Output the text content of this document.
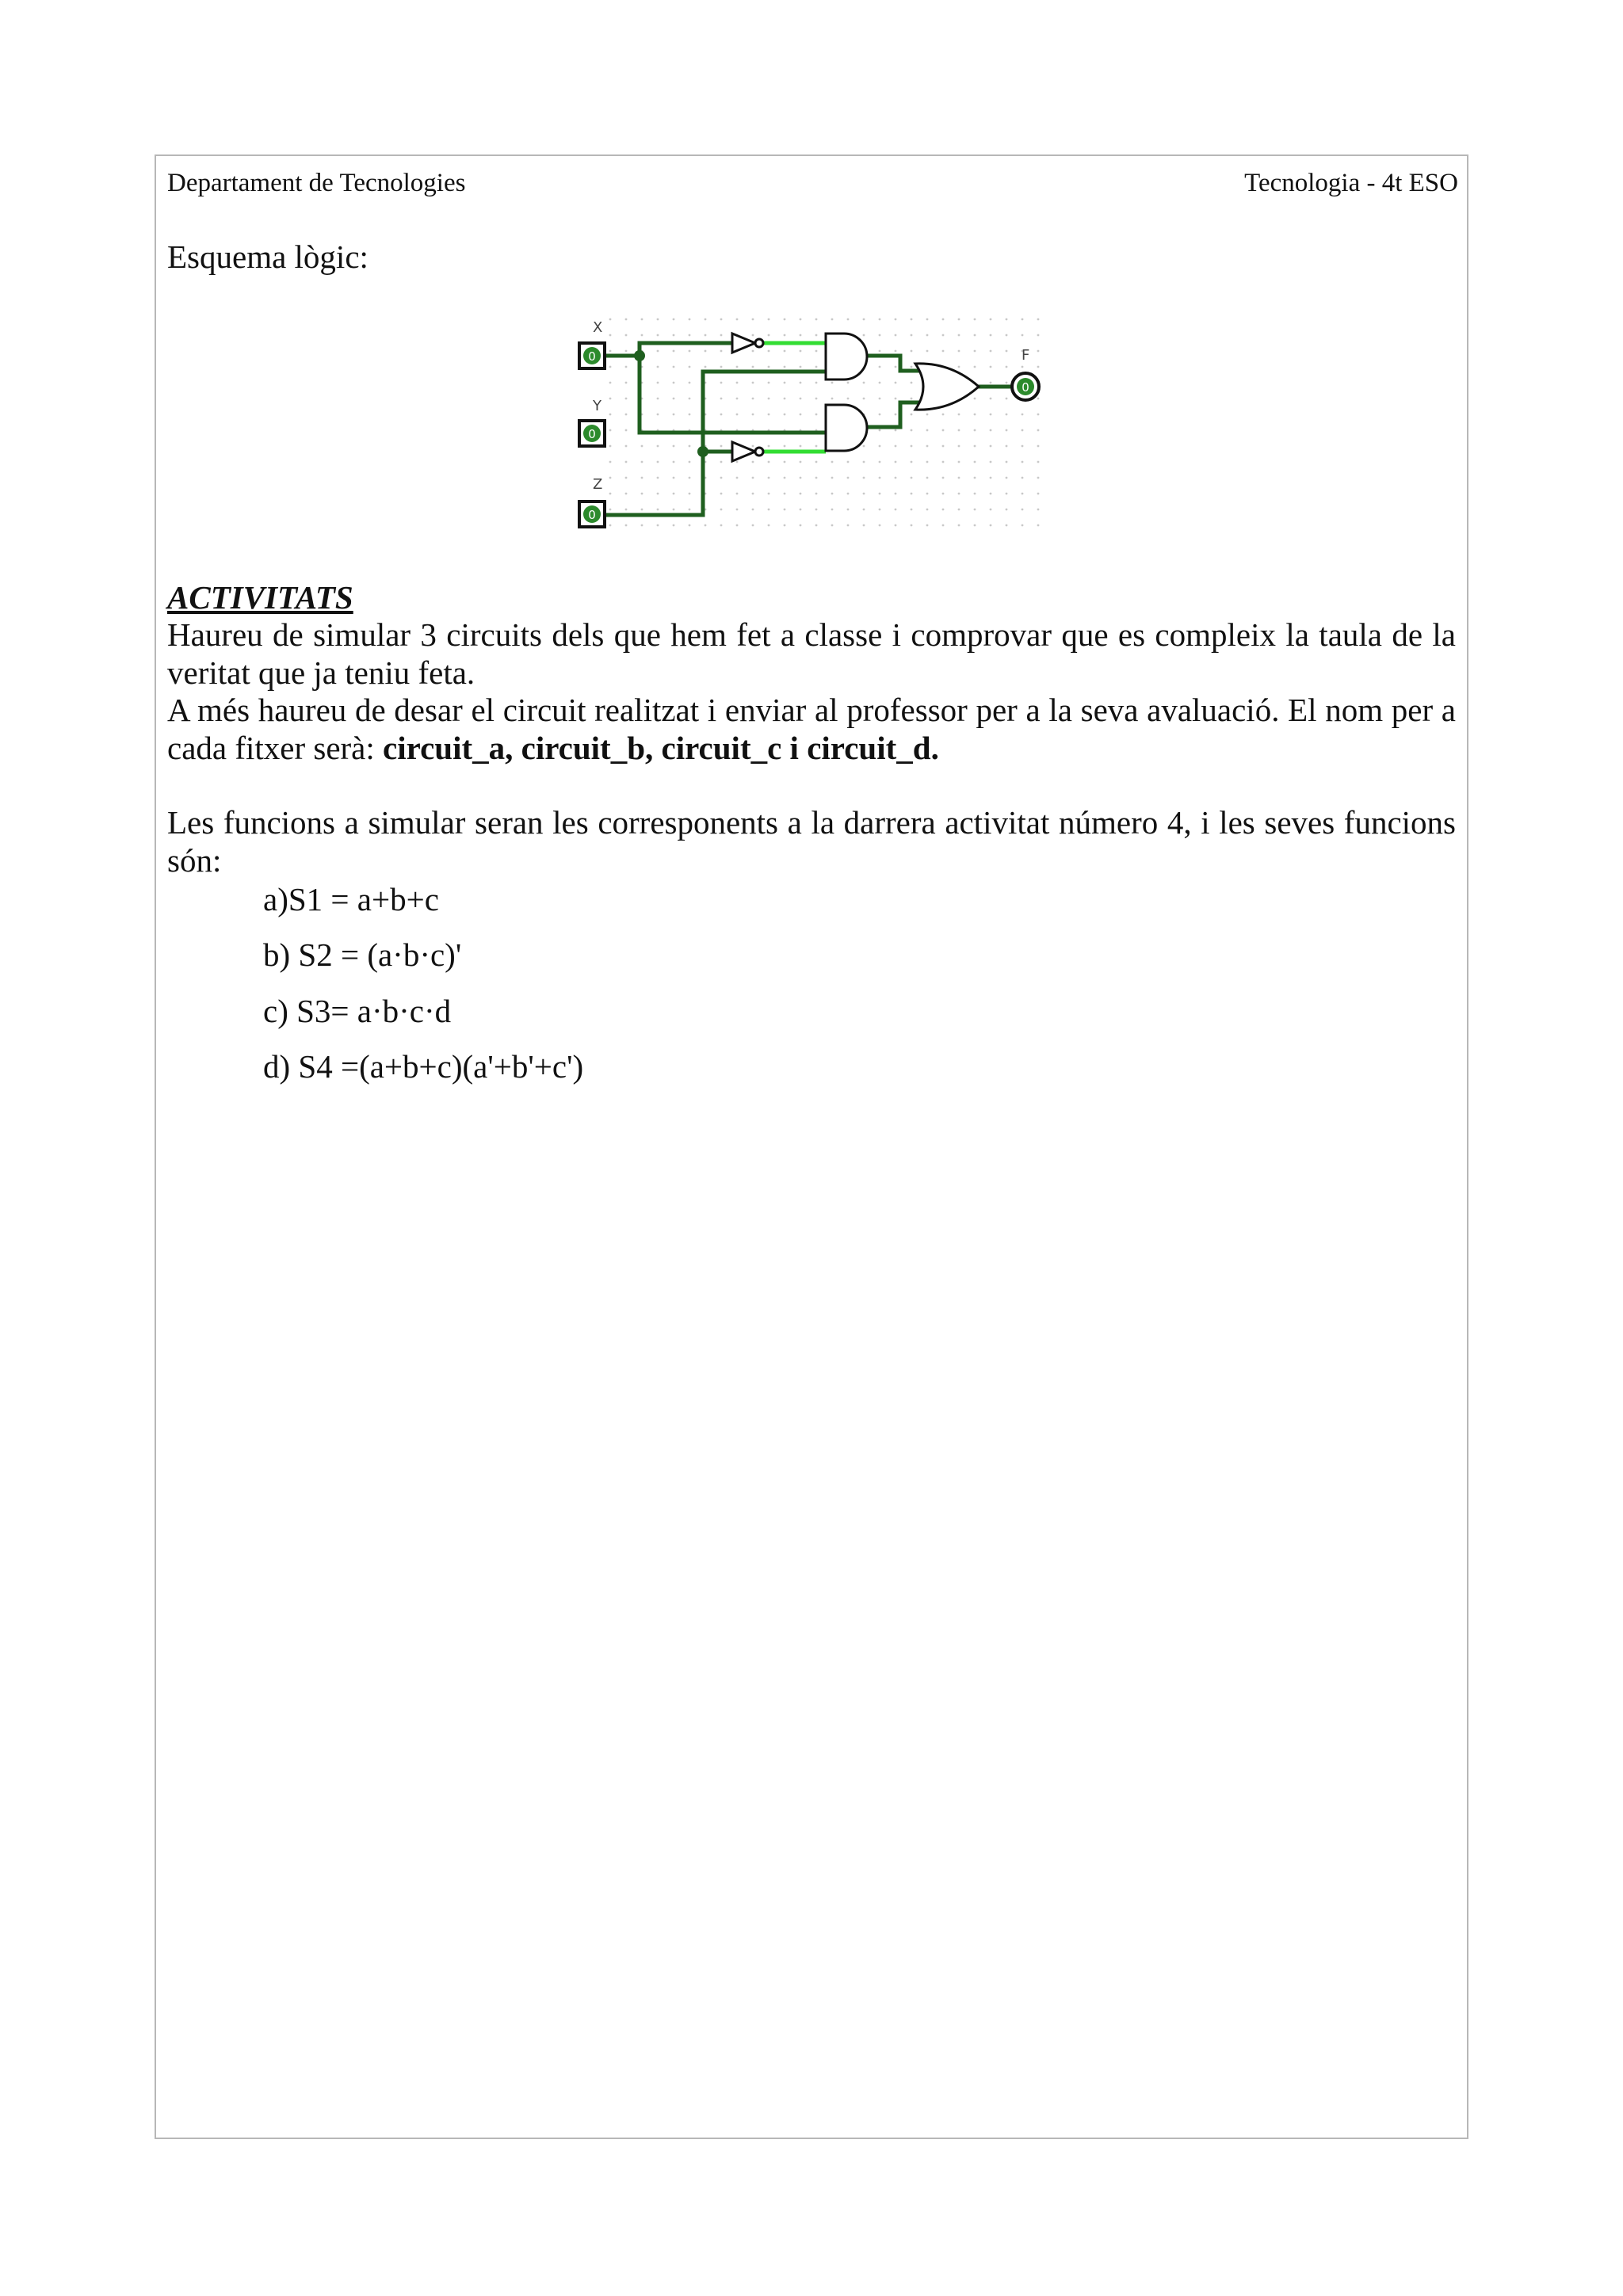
Departament de Tecnologies	Tecnologia - 4t ESO
Esquema lògic:
X
Y
Z
F
0
0
0
0
ACTIVITATS
Haureu de simular 3 circuits dels que hem fet a classe i comprovar que es compleix la taula de la veritat que ja teniu feta.
A més haureu de desar el circuit realitzat i enviar al professor per a la seva avaluació. El nom per a cada fitxer serà: circuit_a, circuit_b, circuit_c i circuit_d.
Les funcions a simular seran les corresponents a la darrera activitat número 4, i les seves funcions són:
a)S1 = a+b+c
b) S2 = (a·b·c)'
c) S3= a·b·c·d
d) S4 =(a+b+c)(a'+b'+c')
